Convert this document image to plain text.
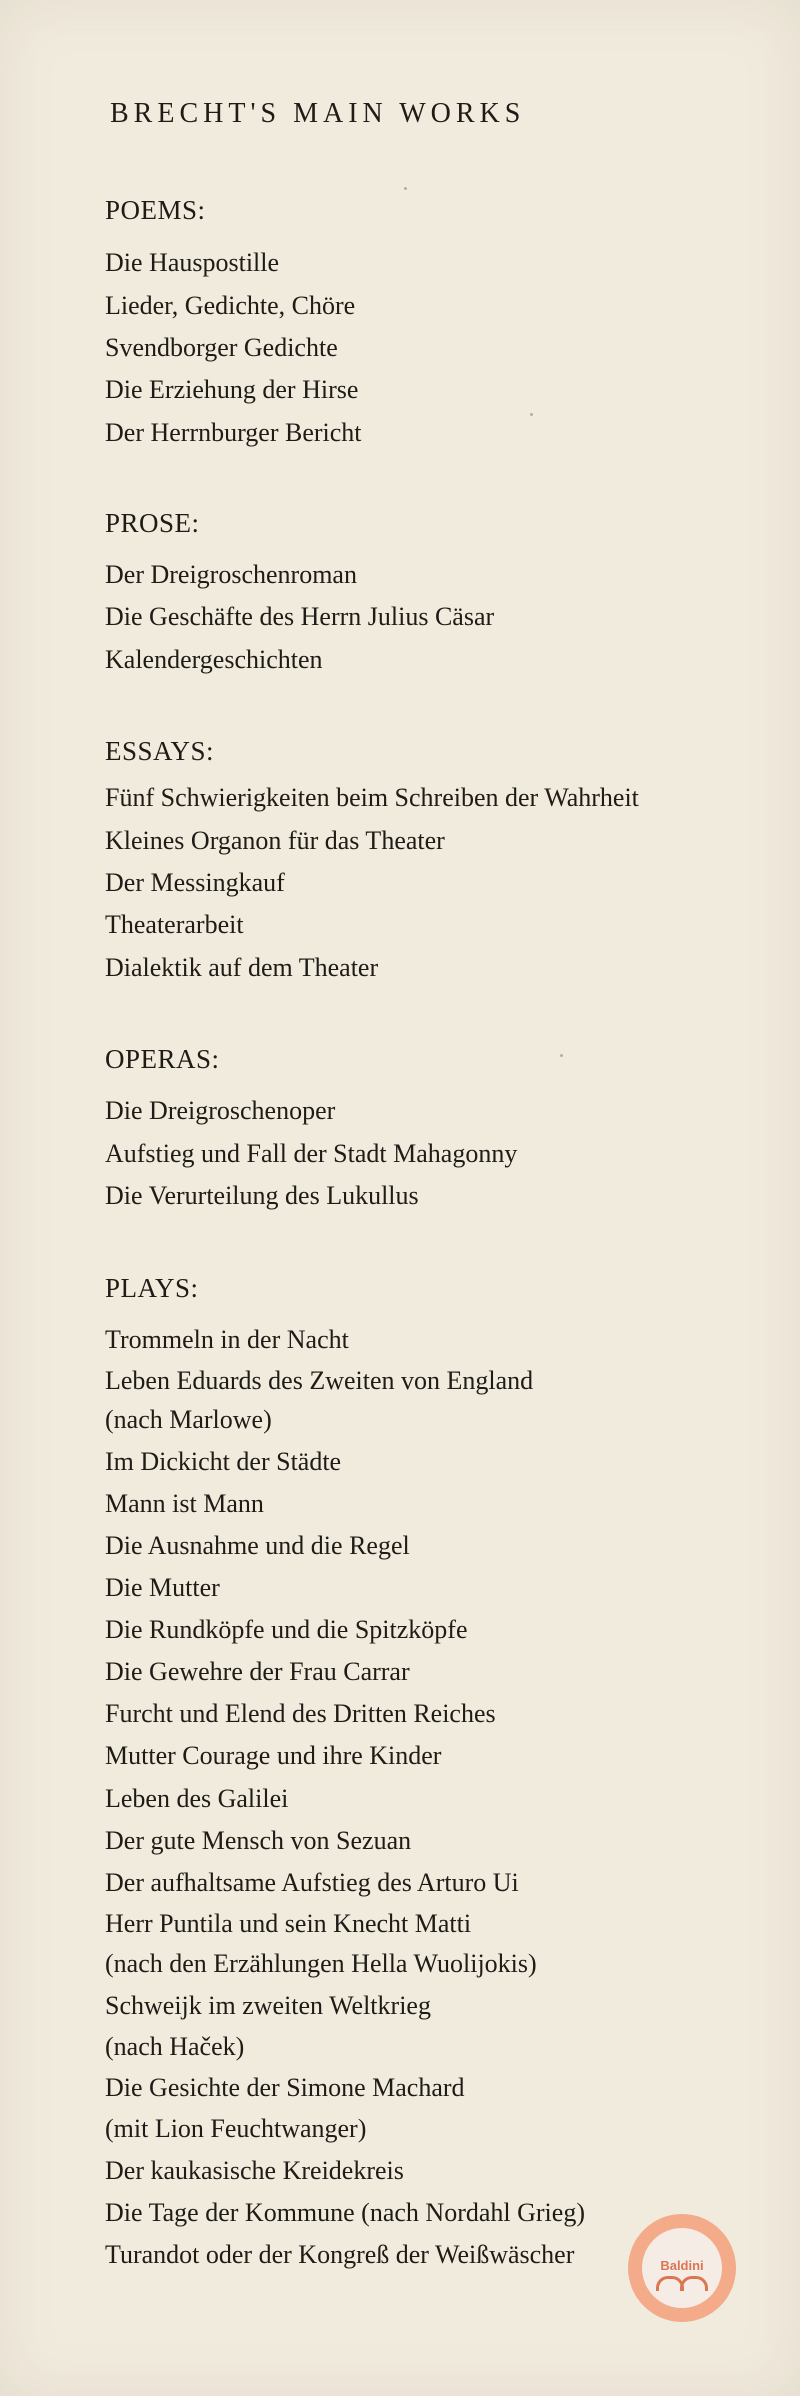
BRECHT'S MAIN WORKS
POEMS:
Die Hauspostille
Lieder, Gedichte, Chöre
Svendborger Gedichte
Die Erziehung der Hirse
Der Herrnburger Bericht
PROSE:
Der Dreigroschenroman
Die Geschäfte des Herrn Julius Cäsar
Kalendergeschichten
ESSAYS:
Fünf Schwierigkeiten beim Schreiben der Wahrheit
Kleines Organon für das Theater
Der Messingkauf
Theaterarbeit
Dialektik auf dem Theater
OPERAS:
Die Dreigroschenoper
Aufstieg und Fall der Stadt Mahagonny
Die Verurteilung des Lukullus
PLAYS:
Trommeln in der Nacht
Leben Eduards des Zweiten von England
(nach Marlowe)
Im Dickicht der Städte
Mann ist Mann
Die Ausnahme und die Regel
Die Mutter
Die Rundköpfe und die Spitzköpfe
Die Gewehre der Frau Carrar
Furcht und Elend des Dritten Reiches
Mutter Courage und ihre Kinder
Leben des Galilei
Der gute Mensch von Sezuan
Der aufhaltsame Aufstieg des Arturo Ui
Herr Puntila und sein Knecht Matti
(nach den Erzählungen Hella Wuolijokis)
Schweijk im zweiten Weltkrieg
(nach Haček)
Die Gesichte der Simone Machard
(mit Lion Feuchtwanger)
Der kaukasische Kreidekreis
Die Tage der Kommune (nach Nordahl Grieg)
Turandot oder der Kongreß der Weißwäscher	Baldini
